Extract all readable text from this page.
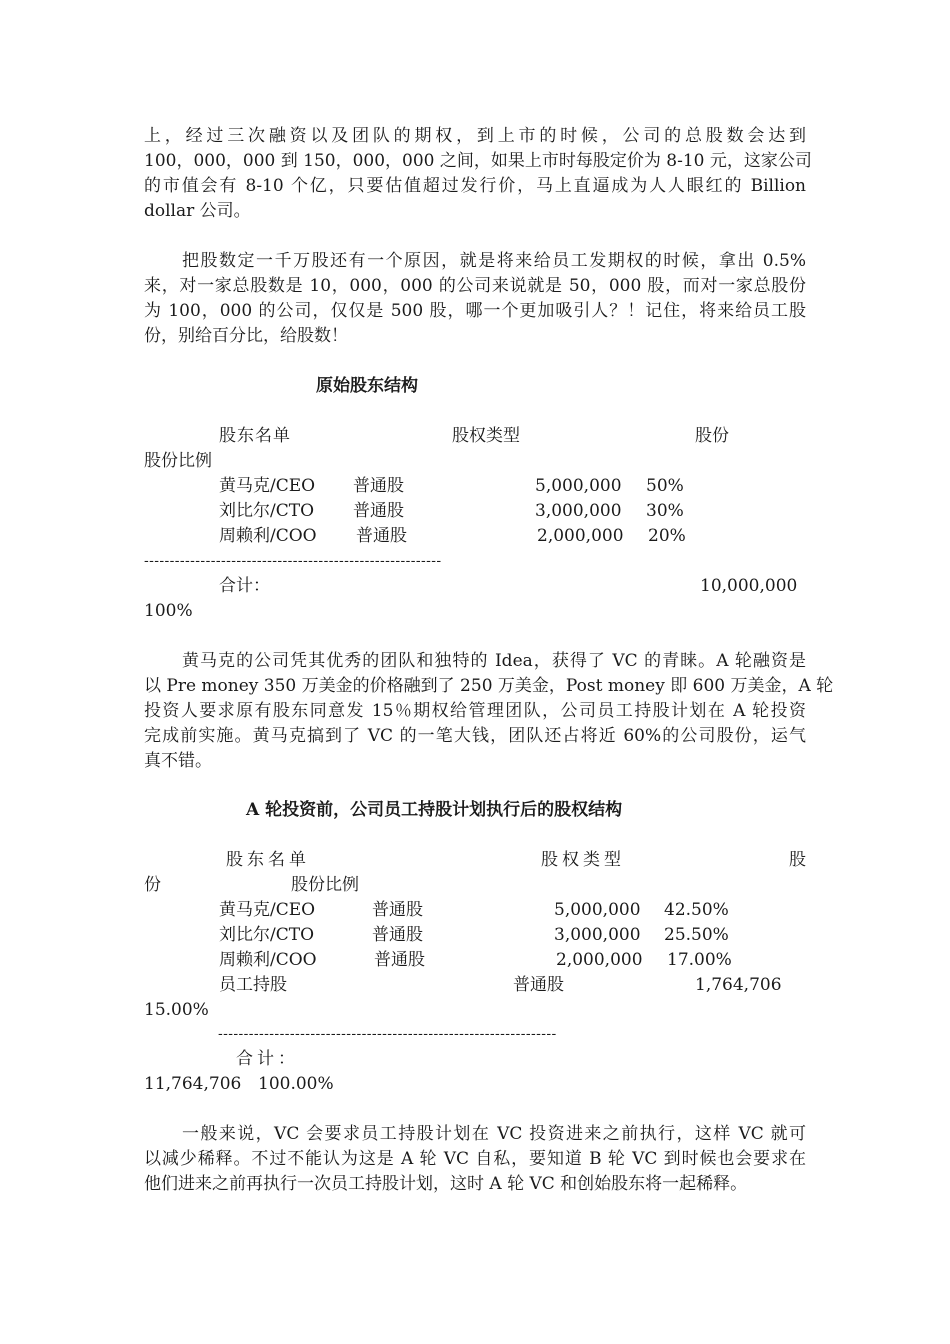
上，经过三次融资以及团队的期权，到上市的时候，公司的总股数会达到
100，000，000 到 150，000，000 之间，如果上市时每股定价为 8-10 元，这家公司
的市值会有 8-10 个亿，只要估值超过发行价，马上直逼成为人人眼红的 Billion
dollar 公司。
把股数定一千万股还有一个原因，就是将来给员工发期权的时候，拿出 0.5%
来，对一家总股数是 10，000，000 的公司来说就是 50，000 股，而对一家总股份
为 100，000 的公司，仅仅是 500 股，哪一个更加吸引人？！记住，将来给员工股
份，别给百分比，给股数！
原始股东结构
股东名单	股权类型	股份
股份比例
黄马克/CEO 普通股	5,000,000 50%
刘比尔/CTO 普通股	3,000,000 30%
周赖利/COO 普通股	2,000,000 20%
----------------------------------------------------------
合计：	10,000,000
100%
黄马克的公司凭其优秀的团队和独特的 Idea，获得了 VC 的青睐。A 轮融资是
以 Pre money 350 万美金的价格融到了 250 万美金，Post money 即 600 万美金，A 轮
投资人要求原有股东同意发 15％期权给管理团队，公司员工持股计划在 A 轮投资
完成前实施。黄马克搞到了 VC 的一笔大钱，团队还占将近 60%的公司股份，运气
真不错。
A 轮投资前，公司员工持股计划执行后的股权结构
股东名单	股权类型	股
份	股份比例
黄马克/CEO	普通股	5,000,000 42.50%
刘比尔/CTO	普通股	3,000,000 25.50%
周赖利/COO	普通股	2,000,000 17.00%
员工持股	普通股	1,764,706
15.00%
------------------------------------------------------------------
合计：
11,764,706 100.00%
一般来说，VC 会要求员工持股计划在 VC 投资进来之前执行，这样 VC 就可
以减少稀释。不过不能认为这是 A 轮 VC 自私，要知道 B 轮 VC 到时候也会要求在
他们进来之前再执行一次员工持股计划，这时 A 轮 VC 和创始股东将一起稀释。
